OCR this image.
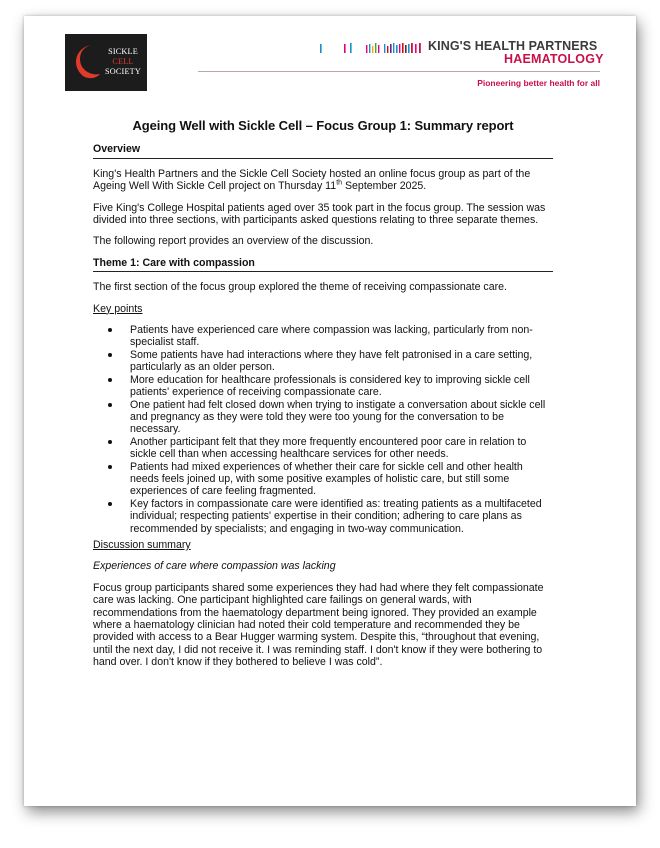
SICKLE
CELL
SOCIETY
KING'S HEALTH PARTNERS
HAEMATOLOGY
Pioneering better health for all
Ageing Well with Sickle Cell – Focus Group 1: Summary report
Overview

King's Health Partners and the Sickle Cell Society hosted an online focus group as part of the Ageing Well With Sickle Cell project on Thursday 11th September 2025.

Five King's College Hospital patients aged over 35 took part in the focus group. The session was divided into three sections, with participants asked questions relating to three separate themes.

The following report provides an overview of the discussion.

Theme 1: Care with compassion

The first section of the focus group explored the theme of receiving compassionate care.

Key points
Patients have experienced care where compassion was lacking, particularly from non-specialist staff.
Some patients have had interactions where they have felt patronised in a care setting, particularly as an older person.
More education for healthcare professionals is considered key to improving sickle cell patients' experience of receiving compassionate care.
One patient had felt closed down when trying to instigate a conversation about sickle cell and pregnancy as they were told they were too young for the conversation to be necessary.
Another participant felt that they more frequently encountered poor care in relation to sickle cell than when accessing healthcare services for other needs.
Patients had mixed experiences of whether their care for sickle cell and other health needs feels joined up, with some positive examples of holistic care, but still some experiences of care feeling fragmented.
Key factors in compassionate care were identified as: treating patients as a multifaceted individual; respecting patients' expertise in their condition; adhering to care plans as recommended by specialists; and engaging in two-way communication.
Discussion summary
Experiences of care where compassion was lacking

Focus group participants shared some experiences they had had where they felt compassionate care was lacking. One participant highlighted care failings on general wards, with recommendations from the haematology department being ignored. They provided an example where a haematology clinician had noted their cold temperature and recommended they be provided with access to a Bear Hugger warming system. Despite this, “throughout that evening, until the next day, I did not receive it. I was reminding staff. I don't know if they were bothering to hand over. I don't know if they bothered to believe I was cold”.
